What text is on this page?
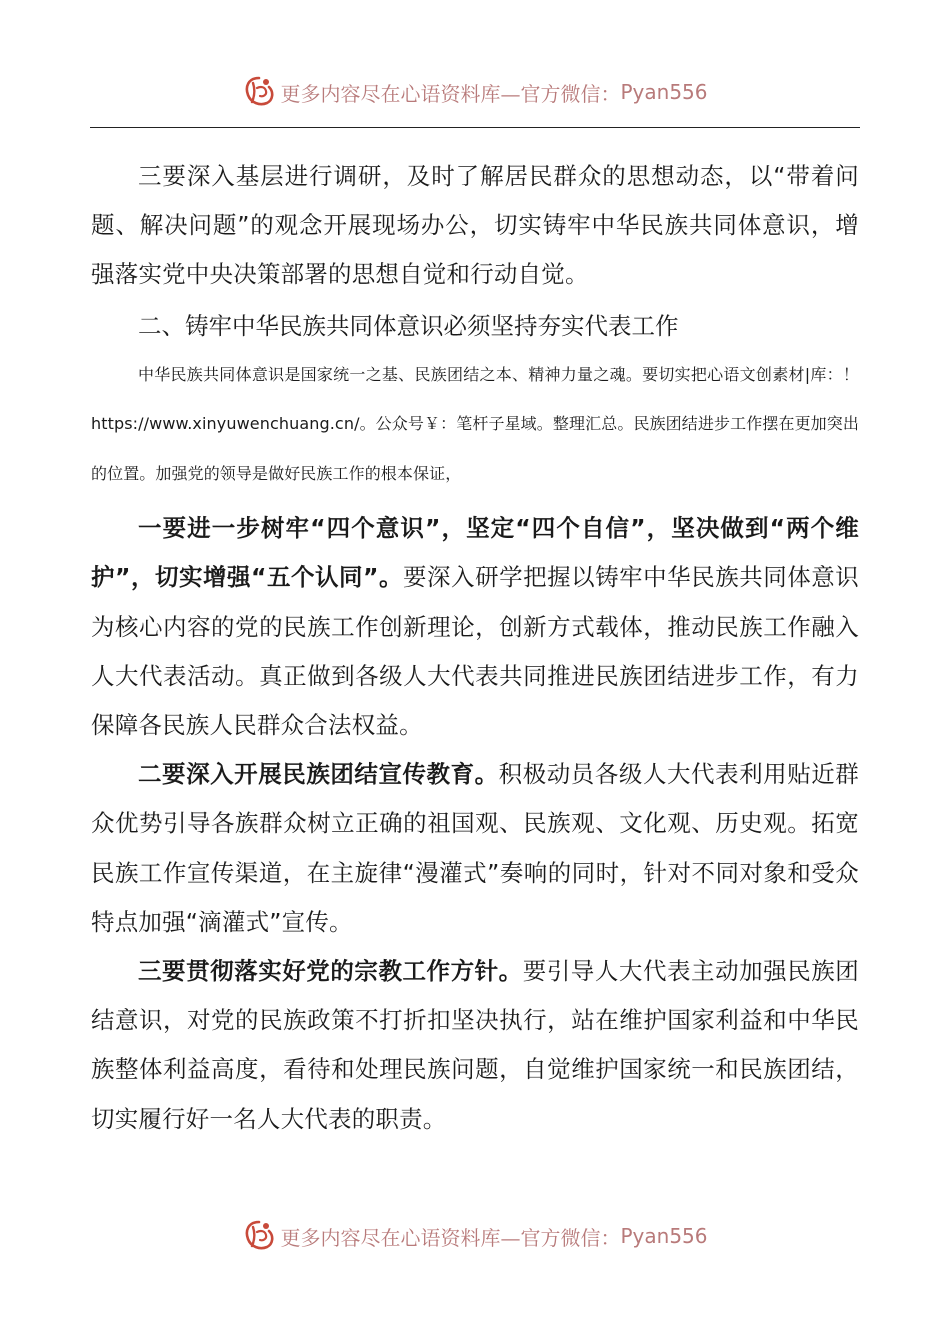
更多内容尽在心语资料库—官方微信： Pyan556

三要深入基层进行调研，及时了解居民群众的思想动态，以“带着问题、解决问题”的观念开展现场办公，切实铸牢中华民族共同体意识，增强落实党中央决策部署的思想自觉和行动自觉。

二、铸牢中华民族共同体意识必须坚持夯实代表工作

中华民族共同体意识是国家统一之基、民族团结之本、精神力量之魂。要切实把心语文创素材|库：！https://www.xinyuwenchuang.cn/。公众号￥：笔杆子星域。整理汇总。民族团结进步工作摆在更加突出的位置。加强党的领导是做好民族工作的根本保证，

一要进一步树牢“四个意识”，坚定“四个自信”，坚决做到“两个维护”，切实增强“五个认同”。要深入研学把握以铸牢中华民族共同体意识为核心内容的党的民族工作创新理论，创新方式载体，推动民族工作融入人大代表活动。真正做到各级人大代表共同推进民族团结进步工作，有力保障各民族人民群众合法权益。

二要深入开展民族团结宣传教育。积极动员各级人大代表利用贴近群众优势引导各族群众树立正确的祖国观、民族观、文化观、历史观。拓宽民族工作宣传渠道，在主旋律“漫灌式”奏响的同时，针对不同对象和受众特点加强“滴灌式”宣传。

三要贯彻落实好党的宗教工作方针。要引导人大代表主动加强民族团结意识，对党的民族政策不打折扣坚决执行，站在维护国家利益和中华民族整体利益高度，看待和处理民族问题，自觉维护国家统一和民族团结，切实履行好一名人大代表的职责。

更多内容尽在心语资料库—官方微信： Pyan556
